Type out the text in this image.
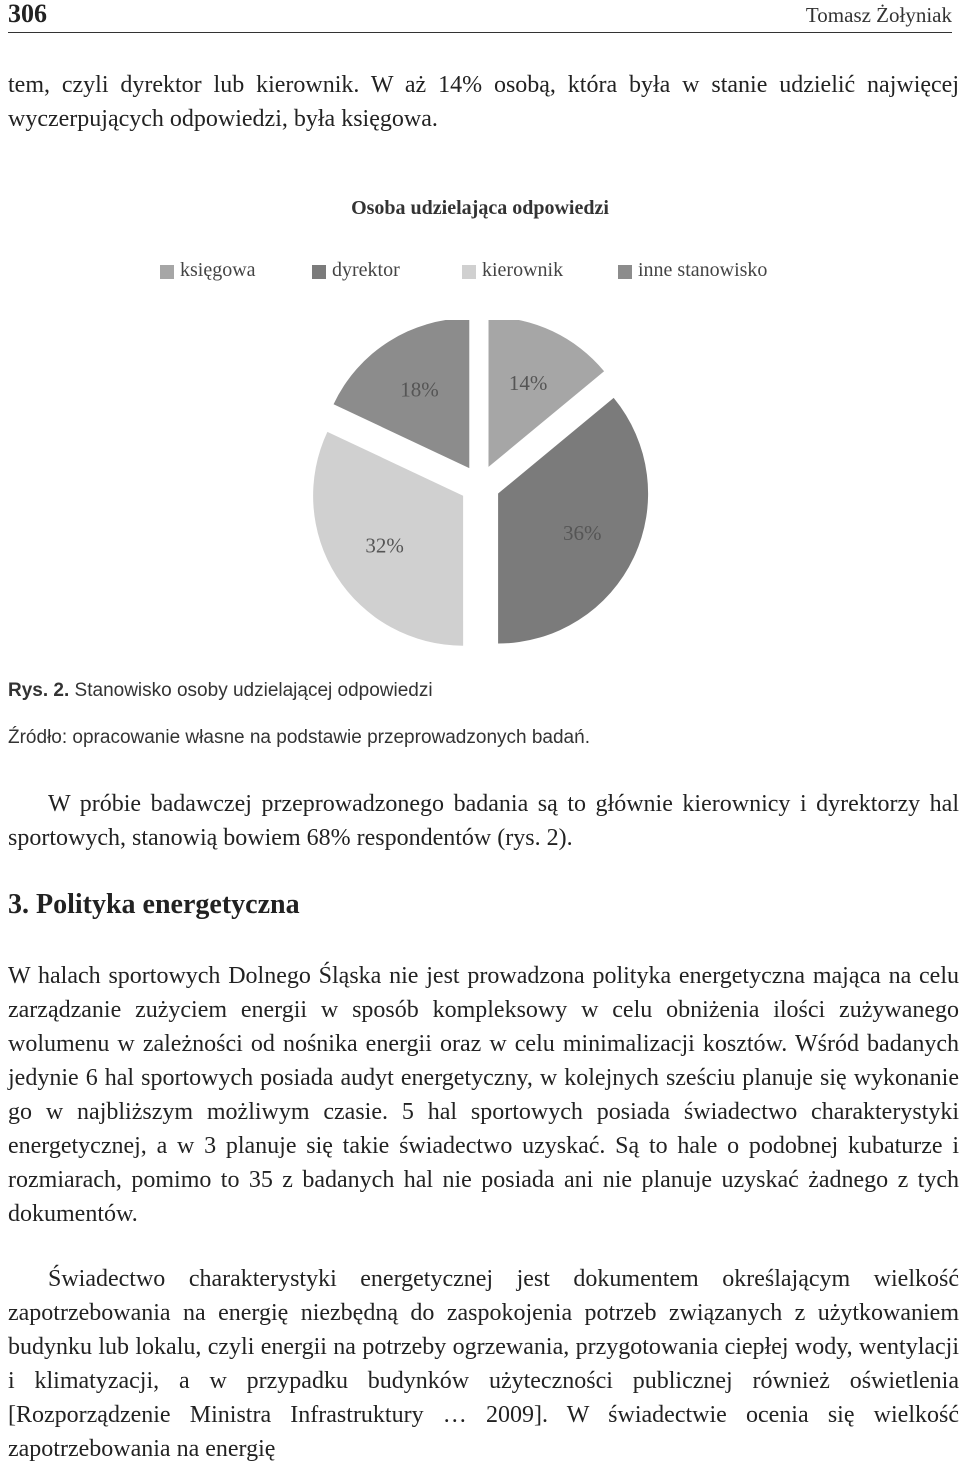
306	Tomasz Żołyniak

tem, czyli dyrektor lub kierownik. W aż 14% osobą, która była w stanie udzielić najwięcej wyczerpujących odpowiedzi, była księgowa.

Osoba udzielająca odpowiedzi
księgowa	dyrektor	kierownik	inne stanowisko
14%
36%
32%
18%
Rys. 2. Stanowisko osoby udzielającej odpowiedzi
Źródło: opracowanie własne na podstawie przeprowadzonych badań.

W próbie badawczej przeprowadzonego badania są to głównie kierownicy i dyrektorzy hal sportowych, stanowią bowiem 68% respondentów (rys. 2).

3. Polityka energetyczna

W halach sportowych Dolnego Śląska nie jest prowadzona polityka energetyczna mająca na celu zarządzanie zużyciem energii w sposób kompleksowy w celu obniżenia ilości zużywanego wolumenu w zależności od nośnika energii oraz w celu minimalizacji kosztów. Wśród badanych jedynie 6 hal sportowych posiada audyt energetyczny, w kolejnych sześciu planuje się wykonanie go w najbliższym możliwym czasie. 5 hal sportowych posiada świadectwo charakterystyki energetycznej, a w 3 planuje się takie świadectwo uzyskać. Są to hale o podobnej kubaturze i rozmiarach, pomimo to 35 z badanych hal nie posiada ani nie planuje uzyskać żadnego z tych dokumentów.

Świadectwo charakterystyki energetycznej jest dokumentem określającym wielkość zapotrzebowania na energię niezbędną do zaspokojenia potrzeb związanych z użytkowaniem budynku lub lokalu, czyli energii na potrzeby ogrzewania, przygotowania ciepłej wody, wentylacji i klimatyzacji, a w przypadku budynków użyteczności publicznej również oświetlenia [Rozporządzenie Ministra Infrastruktury … 2009]. W świadectwie ocenia się wielkość zapotrzebowania na energię
